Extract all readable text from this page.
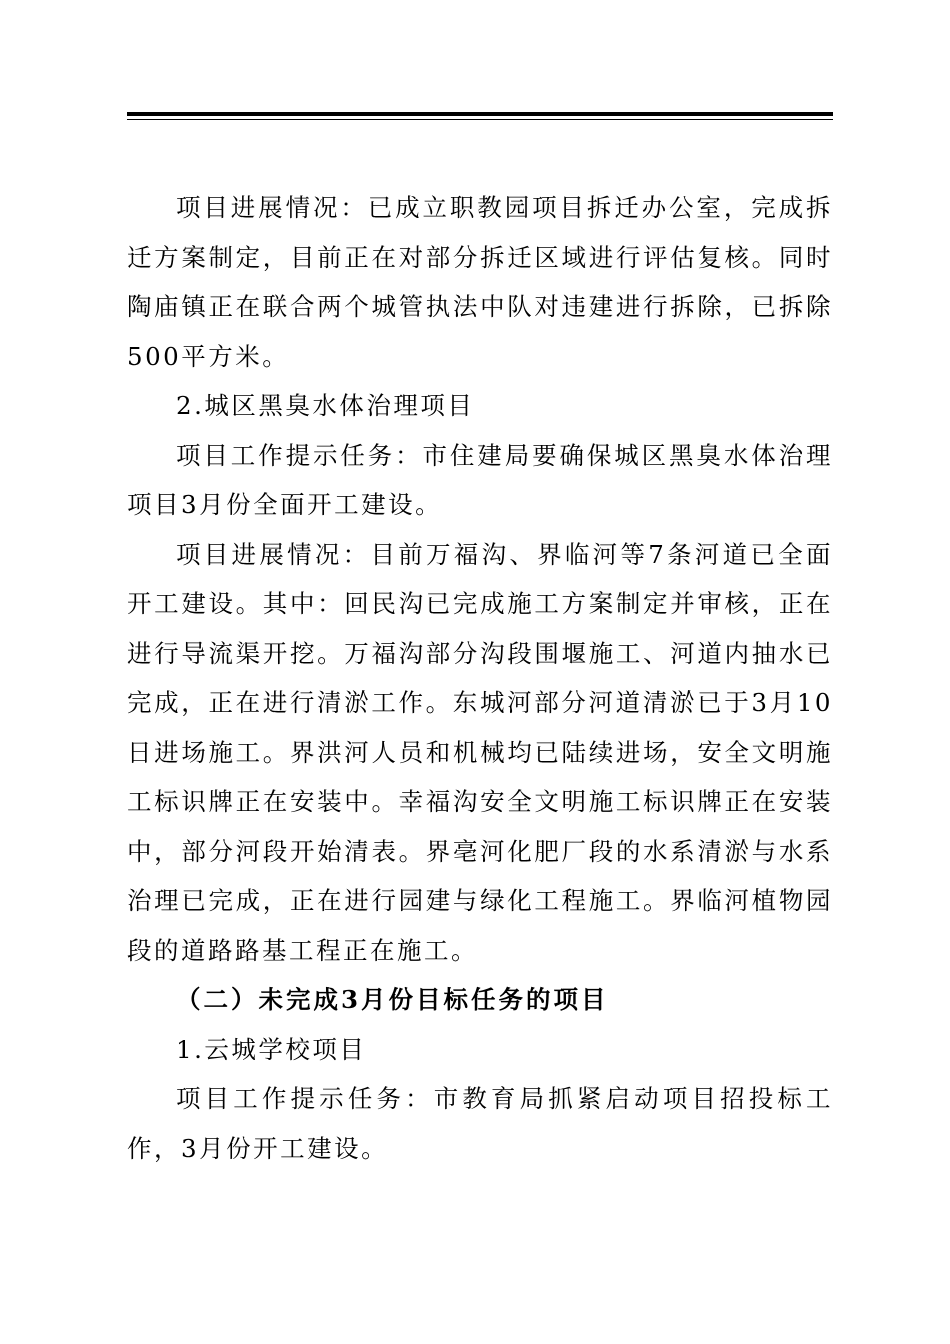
项目进展情况：已成立职教园项目拆迁办公室，完成拆迁方案制定，目前正在对部分拆迁区域进行评估复核。同时陶庙镇正在联合两个城管执法中队对违建进行拆除，已拆除500平方米。

2.城区黑臭水体治理项目

项目工作提示任务：市住建局要确保城区黑臭水体治理项目3月份全面开工建设。

项目进展情况：目前万福沟、界临河等7条河道已全面开工建设。其中：回民沟已完成施工方案制定并审核，正在进行导流渠开挖。万福沟部分沟段围堰施工、河道内抽水已完成，正在进行清淤工作。东城河部分河道清淤已于3月10日进场施工。界洪河人员和机械均已陆续进场，安全文明施工标识牌正在安装中。幸福沟安全文明施工标识牌正在安装中，部分河段开始清表。界亳河化肥厂段的水系清淤与水系治理已完成，正在进行园建与绿化工程施工。界临河植物园段的道路路基工程正在施工。

（二）未完成3月份目标任务的项目

1.云城学校项目

项目工作提示任务：市教育局抓紧启动项目招投标工作，3月份开工建设。
